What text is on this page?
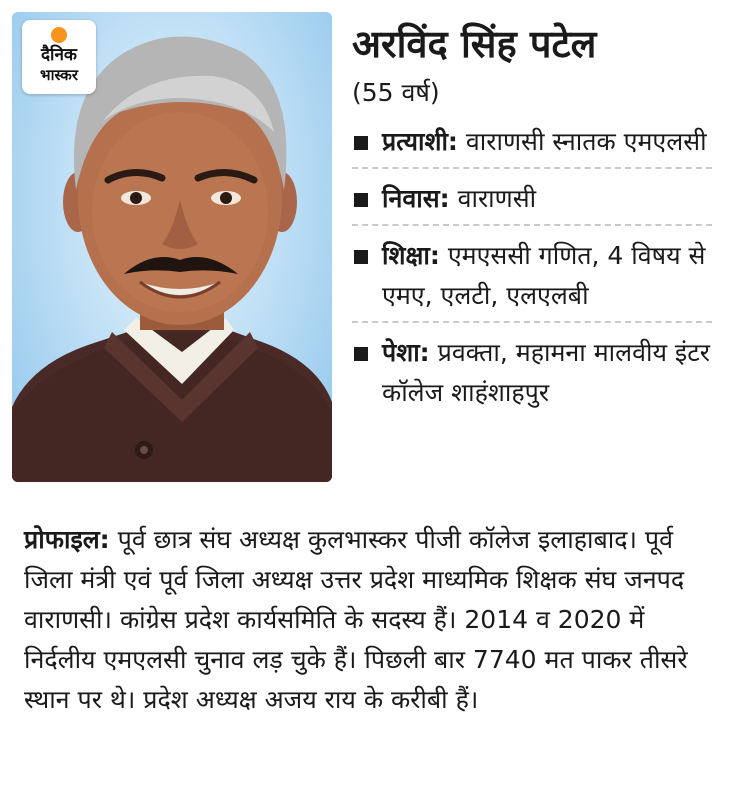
दैनिक
भास्कर
अरविंद सिंह पटेल
(55 वर्ष)
प्रत्याशी: वाराणसी स्नातक एमएलसी
निवास: वाराणसी
शिक्षा: एमएससी गणित, 4 विषय से एमए, एलटी, एलएलबी
पेशा: प्रवक्ता, महामना मालवीय इंटर कॉलेज शाहंशाहपुर
प्रोफाइल: पूर्व छात्र संघ अध्यक्ष कुलभास्कर पीजी कॉलेज इलाहाबाद। पूर्व जिला मंत्री एवं पूर्व जिला अध्यक्ष उत्तर प्रदेश माध्यमिक शिक्षक संघ जनपद वाराणसी। कांग्रेस प्रदेश कार्यसमिति के सदस्य हैं। 2014 व 2020 में निर्दलीय एमएलसी चुनाव लड़ चुके हैं। पिछली बार 7740 मत पाकर तीसरे स्थान पर थे। प्रदेश अध्यक्ष अजय राय के करीबी हैं।
